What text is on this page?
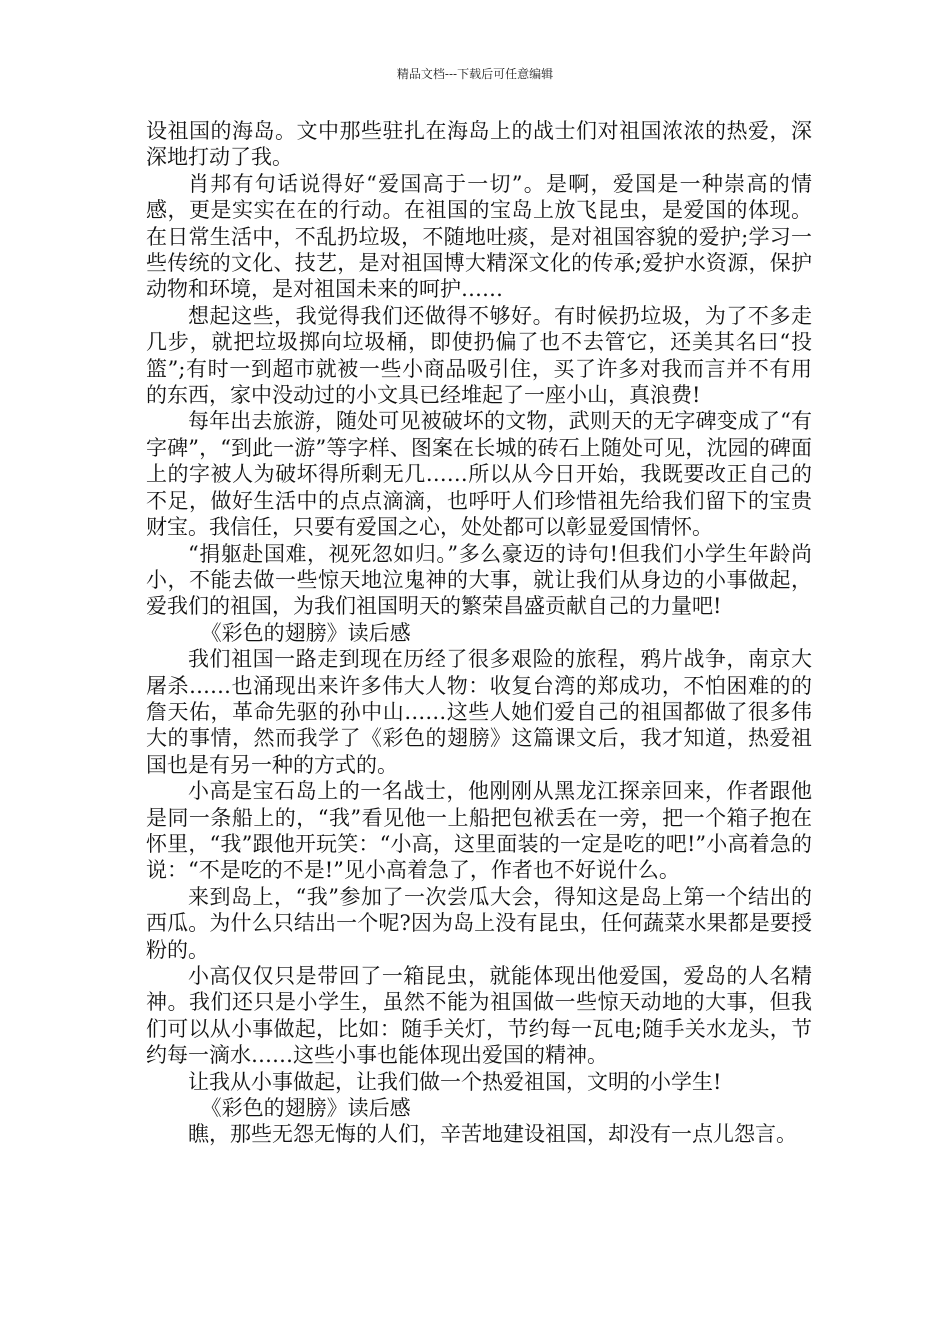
精品文档---下载后可任意编辑

设祖国的海岛。文中那些驻扎在海岛上的战士们对祖国浓浓的热爱，深深地打动了我。

肖邦有句话说得好“爱国高于一切”。是啊，爱国是一种崇高的情感，更是实实在在的行动。在祖国的宝岛上放飞昆虫，是爱国的体现。在日常生活中，不乱扔垃圾，不随地吐痰，是对祖国容貌的爱护;学习一些传统的文化、技艺，是对祖国博大精深文化的传承;爱护水资源，保护动物和环境，是对祖国未来的呵护……

想起这些，我觉得我们还做得不够好。有时候扔垃圾，为了不多走几步，就把垃圾掷向垃圾桶，即使扔偏了也不去管它，还美其名曰“投篮”;有时一到超市就被一些小商品吸引住，买了许多对我而言并不有用的东西，家中没动过的小文具已经堆起了一座小山，真浪费!

每年出去旅游，随处可见被破坏的文物，武则天的无字碑变成了“有字碑”，“到此一游”等字样、图案在长城的砖石上随处可见，沈园的碑面上的字被人为破坏得所剩无几……所以从今日开始，我既要改正自己的不足，做好生活中的点点滴滴，也呼吁人们珍惜祖先给我们留下的宝贵财宝。我信任，只要有爱国之心，处处都可以彰显爱国情怀。

“捐躯赴国难，视死忽如归。”多么豪迈的诗句!但我们小学生年龄尚小，不能去做一些惊天地泣鬼神的大事，就让我们从身边的小事做起，爱我们的祖国，为我们祖国明天的繁荣昌盛贡献自己的力量吧!

《彩色的翅膀》读后感

我们祖国一路走到现在历经了很多艰险的旅程，鸦片战争，南京大屠杀……也涌现出来许多伟大人物：收复台湾的郑成功，不怕困难的的詹天佑，革命先驱的孙中山……这些人她们爱自己的祖国都做了很多伟大的事情，然而我学了《彩色的翅膀》这篇课文后，我才知道，热爱祖国也是有另一种的方式的。

小高是宝石岛上的一名战士，他刚刚从黑龙江探亲回来，作者跟他是同一条船上的，“我”看见他一上船把包袱丢在一旁，把一个箱子抱在怀里，“我”跟他开玩笑：“小高，这里面装的一定是吃的吧!”小高着急的说：“不是吃的不是!”见小高着急了，作者也不好说什么。

来到岛上，“我”参加了一次尝瓜大会，得知这是岛上第一个结出的西瓜。为什么只结出一个呢?因为岛上没有昆虫，任何蔬菜水果都是要授粉的。

小高仅仅只是带回了一箱昆虫，就能体现出他爱国，爱岛的人名精神。我们还只是小学生，虽然不能为祖国做一些惊天动地的大事，但我们可以从小事做起，比如：随手关灯，节约每一瓦电;随手关水龙头，节约每一滴水……这些小事也能体现出爱国的精神。

让我从小事做起，让我们做一个热爱祖国，文明的小学生!

《彩色的翅膀》读后感

瞧，那些无怨无悔的人们，辛苦地建设祖国，却没有一点儿怨言。
